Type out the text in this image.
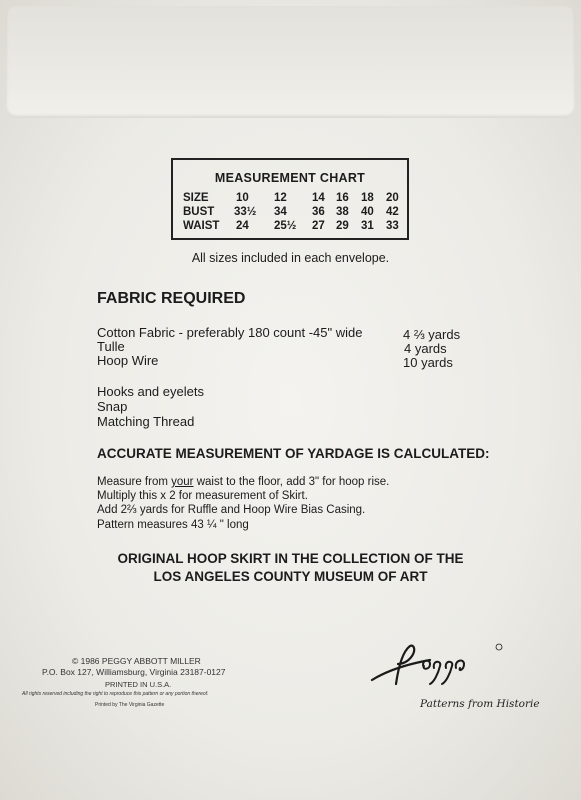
MEASUREMENT CHART
SIZE 10 12 14 16 18 20
BUST 33½ 34 36 38 40 42
WAIST 24 25½ 27 29 31 33
All sizes included in each envelope.
FABRIC REQUIRED
Cotton Fabric - preferably 180 count -45" wide	4 ⅔ yards
Tulle	4 yards
Hoop Wire	10 yards
Hooks and eyelets
Snap
Matching Thread
ACCURATE MEASUREMENT OF YARDAGE IS CALCULATED:
Measure from your waist to the floor, add 3" for hoop rise.
Multiply this x 2 for measurement of Skirt.
Add 2⅔ yards for Ruffle and Hoop Wire Bias Casing.
Pattern measures 43 ¼ " long
ORIGINAL HOOP SKIRT IN THE COLLECTION OF THE
LOS ANGELES COUNTY MUSEUM OF ART
© 1986 PEGGY ABBOTT MILLER
P.O. Box 127, Williamsburg, Virginia 23187-0127
PRINTED IN U.S.A.
All rights reserved including the right to reproduce this pattern or any portion thereof.
Printed by The Virginia Gazette	Patterns from Historie
